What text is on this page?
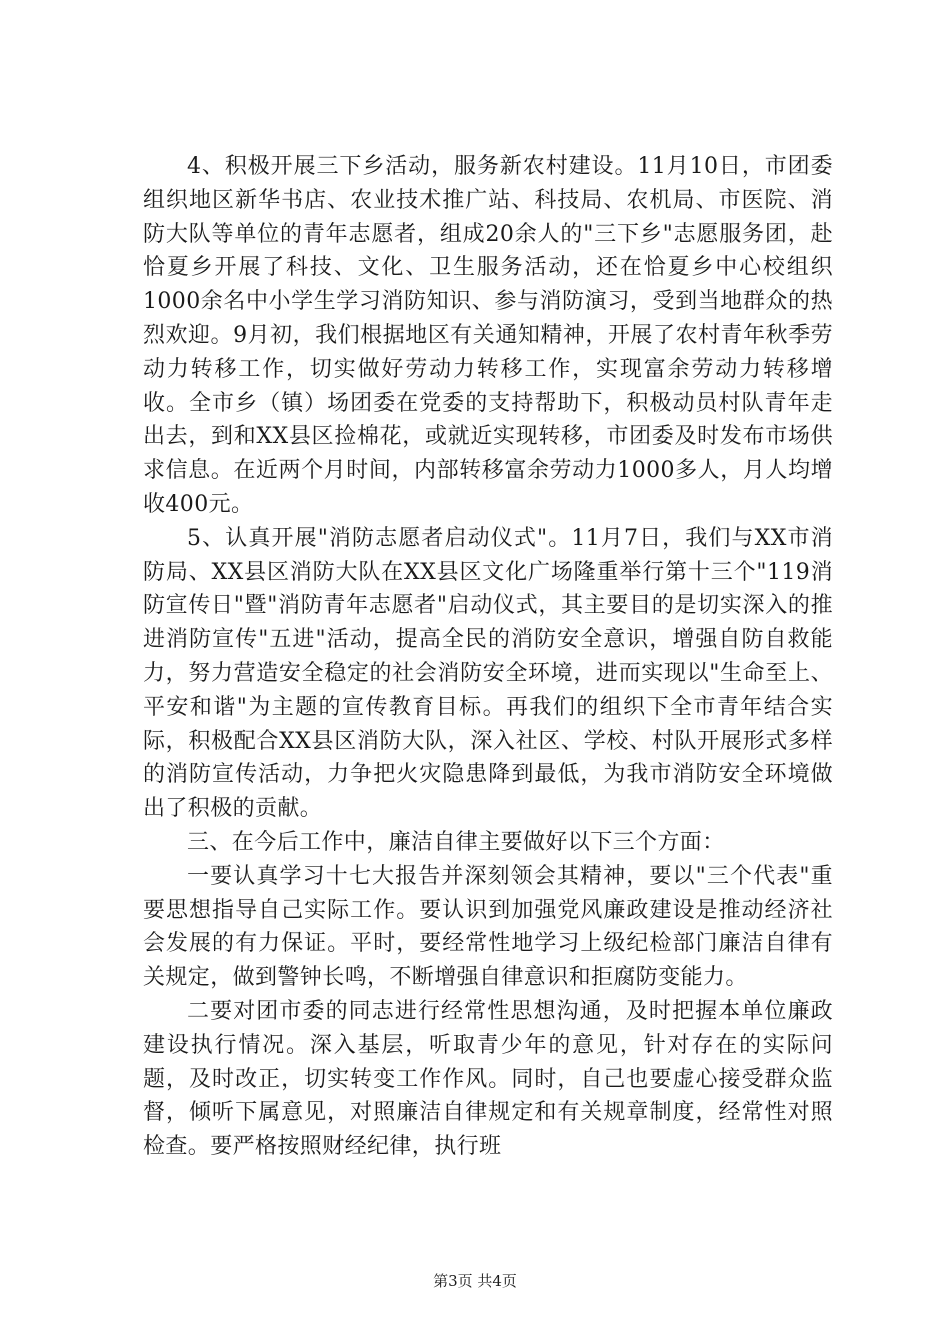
4、积极开展三下乡活动，服务新农村建设。11月10日，市团委组织地区新华书店、农业技术推广站、科技局、农机局、市医院、消防大队等单位的青年志愿者，组成20余人的"三下乡"志愿服务团，赴恰夏乡开展了科技、文化、卫生服务活动，还在恰夏乡中心校组织1000余名中小学生学习消防知识、参与消防演习，受到当地群众的热烈欢迎。9月初，我们根据地区有关通知精神，开展了农村青年秋季劳动力转移工作，切实做好劳动力转移工作，实现富余劳动力转移增收。全市乡（镇）场团委在党委的支持帮助下，积极动员村队青年走出去，到和XX县区捡棉花，或就近实现转移，市团委及时发布市场供求信息。在近两个月时间，内部转移富余劳动力1000多人，月人均增收400元。

5、认真开展"消防志愿者启动仪式"。11月7日，我们与XX市消防局、XX县区消防大队在XX县区文化广场隆重举行第十三个"119消防宣传日"暨"消防青年志愿者"启动仪式，其主要目的是切实深入的推进消防宣传"五进"活动，提高全民的消防安全意识，增强自防自救能力，努力营造安全稳定的社会消防安全环境，进而实现以"生命至上、平安和谐"为主题的宣传教育目标。再我们的组织下全市青年结合实际，积极配合XX县区消防大队，深入社区、学校、村队开展形式多样的消防宣传活动，力争把火灾隐患降到最低，为我市消防安全环境做出了积极的贡献。

三、在今后工作中，廉洁自律主要做好以下三个方面：

一要认真学习十七大报告并深刻领会其精神，要以"三个代表"重要思想指导自己实际工作。要认识到加强党风廉政建设是推动经济社会发展的有力保证。平时，要经常性地学习上级纪检部门廉洁自律有关规定，做到警钟长鸣，不断增强自律意识和拒腐防变能力。

二要对团市委的同志进行经常性思想沟通，及时把握本单位廉政建设执行情况。深入基层，听取青少年的意见，针对存在的实际问题，及时改正，切实转变工作作风。同时，自己也要虚心接受群众监督，倾听下属意见，对照廉洁自律规定和有关规章制度，经常性对照检查。要严格按照财经纪律，执行班

第3页 共4页
